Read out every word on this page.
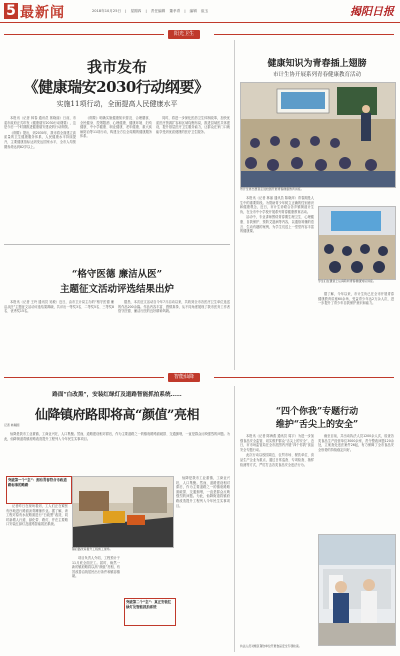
5 最新闻	2018年10月25日 | 星期四 | 责任编辑 董孝青 | 编辑 崔玉	揭阳日报
阳光卫生
我市发布
《健康瑞安2030行动纲要》
实施11项行动，全面提高人民健康水平

本报讯（记者 林春 通讯员 郭晓丽）日前，市委市政府正式印发《健康瑞安2030行动纲要》，这是今后一个时期推进健康瑞安建设的行动纲领。

《纲要》提出，到2030年，我市将全面建立高质量的卫生健康服务体系，人民健康水平持续提升，主要健康指标达到发达国家水平，全市人均预期寿命达到82岁以上。

《纲要》明确实施健康知识普及、合理膳食、全民健身、控烟限酒、心理健康、健康环境、妇幼健康、中小学健康、职业健康、老年健康、重大疾病防治等11项行动，构建全方位全周期的健康服务体系。

同时，将进一步深化医药卫生体制改革，加快优质医疗资源扩容和区域均衡布局，推进县域医共体建设，提升基层医疗卫生服务能力，让群众在家门口就能享受到优质便捷的医疗卫生服务。

健康知识为青春插上翅膀
市计生协开展系列青春健康教育活动
市计生协志愿者走进校园开展青春健康教育讲座。

本报讯（记者 林丽 通讯员 陈晓萍）青春期是人生中的重要阶段。为帮助青少年树立正确的性别意识和健康观念，近日，市计生协联合各乡镇街道计生协，在全市中小学校开展系列青春健康教育活动。

活动中，专业讲师围绕青春期生理卫生、心理健康、自我保护、预防艾滋病等内容，以通俗易懂的语言、生动有趣的案例，为学生们送上一堂堂内容丰富的健康课。

学生们在课堂上认真聆听青春健康知识讲座。

据了解，今年以来，市计生协已在全市开展青春健康教育讲座60余场，受益青少年达2万余人次，进一步提升了青少年自我保护意识和能力。

“格守医德 廉洁从医”
主题征文活动评选结果出炉

本报讯（记者 王玲 通讯员 吴敏）近日，由市卫计局主办的“格守医德 廉洁从医”主题征文活动评选结果揭晓，共评出一等奖3名、二等奖5名、三等奖8名、优秀奖15名。

据悉，本次征文活动自今年7月启动以来，共收到全市各医疗卫生单位选送的作品200余篇。作品内容丰富、感情真挚，从不同角度展现了我市医务工作者恪守医德、廉洁行医的良好精神风貌。

智能仙降
路面“白改黑”，安装红绿灯及道路智能抓拍系统……
仙降镇府路即将高“颜值”亮相
记者 林瑞国

仙降是我市工业重镇，工商业兴旺，人口集聚。然而，道路建设相对滞后，作为主要道路之一的镇府路路面破损、交通拥堵，一直是群众反映强烈的问题。为此，仙降街道将镇府路改造提升工程列入今年民生实事项目。

突破第一个“怎”：拥有青春符合市政道路标准的路路

记者昨日在现场看到，工人们正在紧张有序地进行路面沥青摊铺作业。据了解，该工程对原有水泥路面进行“白改黑”改造，同时新增人行道、绿化带、路灯，并在主要路口安装红绿灯及道路智能抓拍系统。

镇府路改造提升工程施工现场。

项目负责人介绍，工程预计于11月底全面完工。届时，焕然一新的镇府路将以高“颜值”亮相，有效改善沿线居民出行条件和镇容镇貌。

突破第二个“怎”：真正安装红绿灯及智能抓拍系统

仙降是我市工业重镇，工商业兴旺，人口集聚。然而，道路建设相对滞后，作为主要道路之一的镇府路路面破损、交通拥堵，一直是群众反映强烈的问题。为此，仙降街道将镇府路改造提升工程列入今年民生实事项目。

“四个你我”专题行动
维护“舌尖上的安全”

本报讯（记者 陈海燕 通讯员 周宇）为进一步加强食品安全监管，切实维护群众“舌尖上的安全”，近日，市市场监管局在全市范围内开展“四个你我”食品安全专题行动。

此次行动以校园周边、农贸市场、餐饮单位、食品生产企业为重点，通过日常巡查、专项检查、抽样检测等方式，严厉打击各类食品安全违法行为。

截至目前，共出动执法人员1200余人次，检查各类食品生产经营单位3000余家，责令整改问题120余处，立案查处违法案件26起，有力保障了全市食品安全形势的持续稳定向好。

执法人员对辖区餐饮单位开展食品安全专项检查。
